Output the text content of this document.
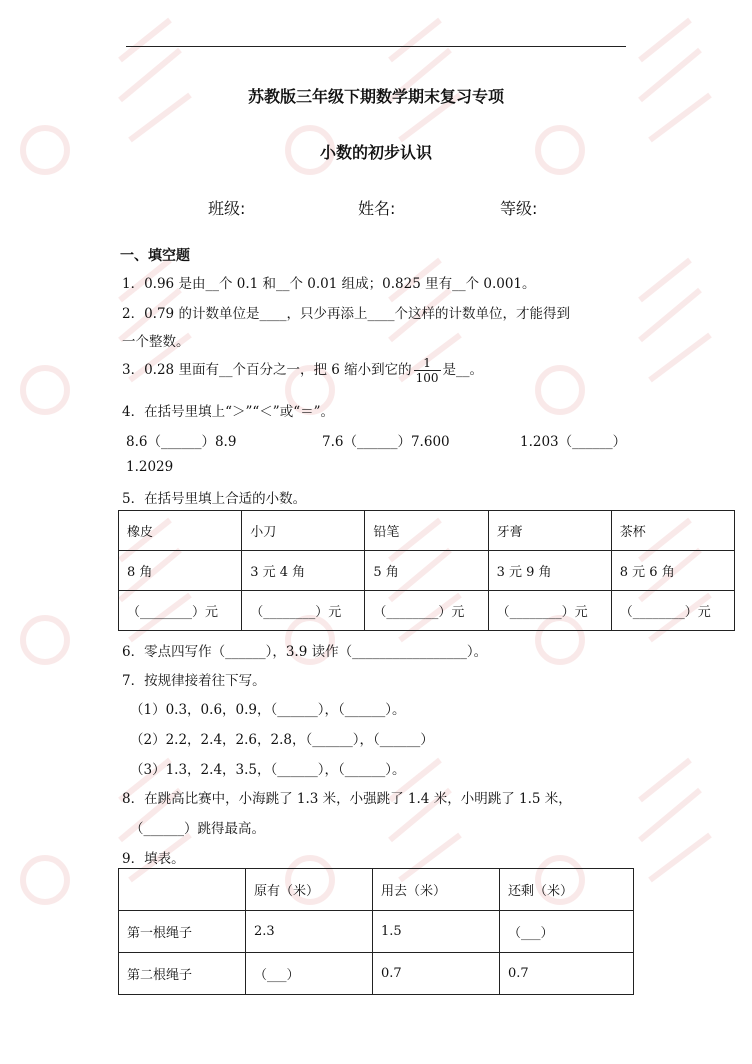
苏教版三年级下期数学期末复习专项
小数的初步认识
班级:	姓名:	等级:
一、填空题
1．0.96 是由__个 0.1 和__个 0.01 组成；0.825 里有__个 0.001。
2．0.79 的计数单位是____，只少再添上____个这样的计数单位，才能得到
一个整数。
3．0.28 里面有__个百分之一，把 6 缩小到它的 $\frac{1}{100}$ 是__。
4．在括号里填上“＞”“＜”或“＝”。
8.6（______）8.9	7.6（______）7.600	1.203（______）
1.2029
5．在括号里填上合适的小数。
橡皮	小刀	铅笔	牙膏	茶杯
8 角	3 元 4 角	5 角	3 元 9 角	8 元 6 角
（________）元	（________）元	（________）元	（________）元	（________）元
6．零点四写作（______），3.9 读作（_________________）。
7．按规律接着往下写。
（1）0.3，0.6，0.9，（______），（______）。
（2）2.2，2.4，2.6，2.8，（______），（______）
（3）1.3，2.4，3.5，（______），（______）。
8．在跳高比赛中，小海跳了 1.3 米，小强跳了 1.4 米，小明跳了 1.5 米，
（______）跳得最高。
9．填表。
	原有（米）	用去（米）	还剩（米）
第一根绳子	2.3	1.5	（___）
第二根绳子	（___）	0.7	0.7
